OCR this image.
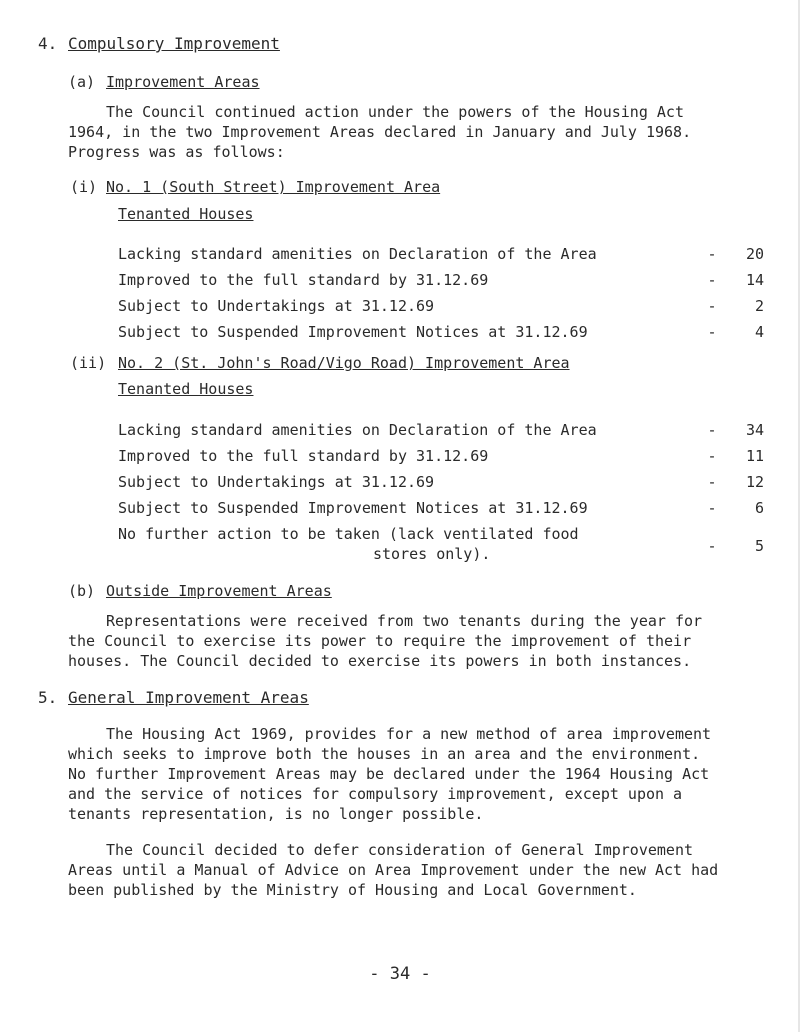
4. Compulsory Improvement
(a) Improvement Areas
The Council continued action under the powers of the Housing Act
1964, in the two Improvement Areas declared in January and July 1968.
Progress was as follows:
(i) No. 1 (South Street) Improvement Area
Tenanted Houses
Lacking standard amenities on Declaration of the Area	-	20
Improved to the full standard by 31.12.69	-	14
Subject to Undertakings at 31.12.69	-	2
Subject to Suspended Improvement Notices at 31.12.69	-	4
(ii) No. 2 (St. John's Road/Vigo Road) Improvement Area
Tenanted Houses
Lacking standard amenities on Declaration of the Area	-	34
Improved to the full standard by 31.12.69	-	11
Subject to Undertakings at 31.12.69	-	12
Subject to Suspended Improvement Notices at 31.12.69	-	6
No further action to be taken (lack ventilated food
stores only).	-	5
(b) Outside Improvement Areas
Representations were received from two tenants during the year for
the Council to exercise its power to require the improvement of their
houses. The Council decided to exercise its powers in both instances.
5. General Improvement Areas
The Housing Act 1969, provides for a new method of area improvement
which seeks to improve both the houses in an area and the environment.
No further Improvement Areas may be declared under the 1964 Housing Act
and the service of notices for compulsory improvement, except upon a
tenants representation, is no longer possible.
The Council decided to defer consideration of General Improvement
Areas until a Manual of Advice on Area Improvement under the new Act had
been published by the Ministry of Housing and Local Government.
- 34 -
